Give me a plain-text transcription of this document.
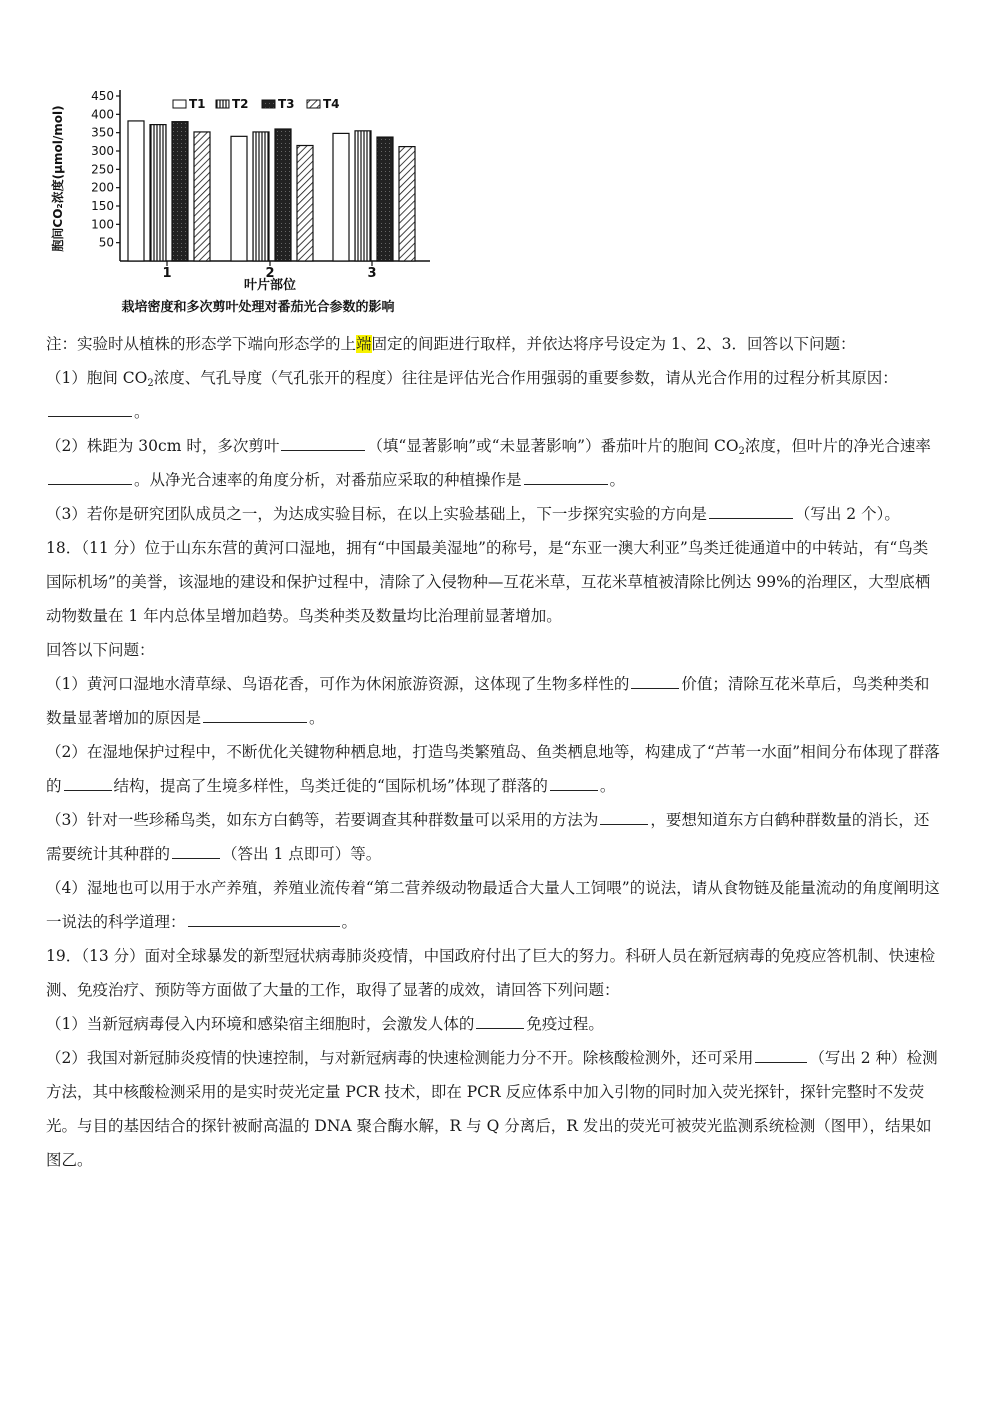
50
100
150
200
250
300
350
400
450
胞间CO₂浓度(μmol/mol)
1	2	3
叶片部位
栽培密度和多次剪叶处理对番茄光合参数的影响
T1 T2 T3 T4

注：实验时从植株的形态学下端向形态学的上端固定的间距进行取样，并依达将序号设定为 1、2、3．回答以下问题：

（1）胞间 $CO_2$浓度、气孔导度（气孔张开的程度）往往是评估光合作用强弱的重要参数，请从光合作用的过程分析其原因：。

（2）株距为 30cm 时，多次剪叶	（填“显著影响”或“未显著影响”）番茄叶片的胞间 $CO_2$浓度，但叶片的净光合速率。从净光合速率的角度分析，对番茄应采取的种植操作是	。

（3）若你是研究团队成员之一，为达成实验目标，在以上实验基础上，下一步探究实验的方向是	（写出 2 个）。

18．（11 分）位于山东东营的黄河口湿地，拥有“中国最美湿地”的称号，是“东亚一澳大利亚”鸟类迁徙通道中的中转站，有“鸟类国际机场”的美誉，该湿地的建设和保护过程中，清除了入侵物种—互花米草，互花米草植被清除比例达 99%的治理区，大型底栖动物数量在 1 年内总体呈增加趋势。鸟类种类及数量均比治理前显著增加。

回答以下问题：

（1）黄河口湿地水清草绿、鸟语花香，可作为休闲旅游资源，这体现了生物多样性的	价值；清除互花米草后，鸟类种类和数量显著增加的原因是	。

（2）在湿地保护过程中，不断优化关键物种栖息地，打造鸟类繁殖岛、鱼类栖息地等，构建成了“芦苇一水面”相间分布体现了群落的	结构，提高了生境多样性，鸟类迁徙的“国际机场”体现了群落的	。

（3）针对一些珍稀鸟类，如东方白鹤等，若要调查其种群数量可以采用的方法为	，要想知道东方白鹤种群数量的消长，还需要统计其种群的	（答出 1 点即可）等。

（4）湿地也可以用于水产养殖，养殖业流传着“第二营养级动物最适合大量人工饲喂”的说法，请从食物链及能量流动的角度阐明这一说法的科学道理：	。

19．（13 分）面对全球暴发的新型冠状病毒肺炎疫情，中国政府付出了巨大的努力。科研人员在新冠病毒的免疫应答机制、快速检测、免疫治疗、预防等方面做了大量的工作，取得了显著的成效，请回答下列问题：

（1）当新冠病毒侵入内环境和感染宿主细胞时，会激发人体的	免疫过程。

（2）我国对新冠肺炎疫情的快速控制，与对新冠病毒的快速检测能力分不开。除核酸检测外，还可采用	（写出 2 种）检测方法，其中核酸检测采用的是实时荧光定量 PCR 技术，即在 PCR 反应体系中加入引物的同时加入荧光探针，探针完整时不发荧光。与目的基因结合的探针被耐高温的 DNA 聚合酶水解，R 与 Q 分离后，R 发出的荧光可被荧光监测系统检测（图甲），结果如图乙。
